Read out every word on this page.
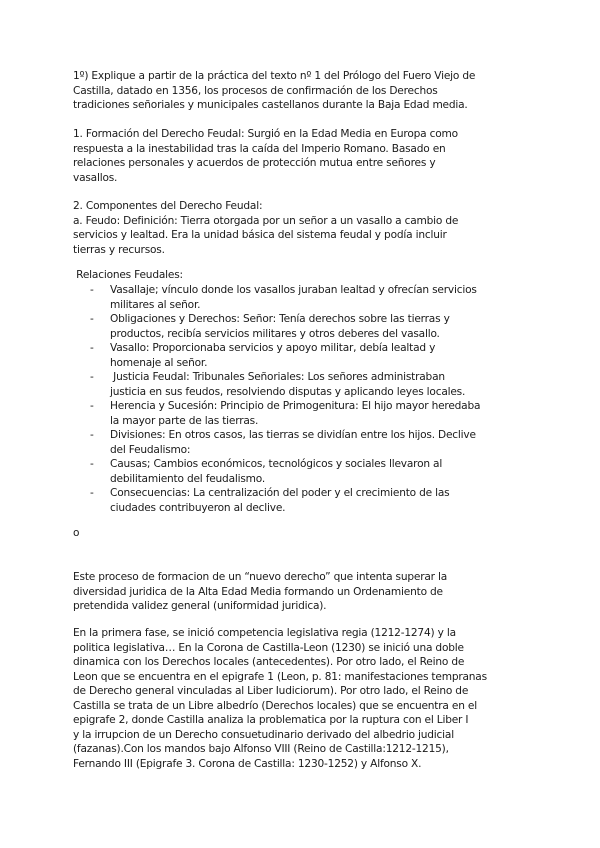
1º) Explique a partir de la práctica del texto nº 1 del Prólogo del Fuero Viejo de
Castilla, datado en 1356, los procesos de confirmación de los Derechos
tradiciones señoriales y municipales castellanos durante la Baja Edad media.

1. Formación del Derecho Feudal: Surgió en la Edad Media en Europa como
respuesta a la inestabilidad tras la caída del Imperio Romano. Basado en
relaciones personales y acuerdos de protección mutua entre señores y
vasallos.

2. Componentes del Derecho Feudal:
a. Feudo: Definición: Tierra otorgada por un señor a un vasallo a cambio de
servicios y lealtad. Era la unidad básica del sistema feudal y podía incluir
tierras y recursos.

Relaciones Feudales:

- Vasallaje; vínculo donde los vasallos juraban lealtad y ofrecían servicios
militares al señor.
- Obligaciones y Derechos: Señor: Tenía derechos sobre las tierras y
productos, recibía servicios militares y otros deberes del vasallo.
- Vasallo: Proporcionaba servicios y apoyo militar, debía lealtad y
homenaje al señor.
- Justicia Feudal: Tribunales Señoriales: Los señores administraban
justicia en sus feudos, resolviendo disputas y aplicando leyes locales.
- Herencia y Sucesión: Principio de Primogenitura: El hijo mayor heredaba
la mayor parte de las tierras.
- Divisiones: En otros casos, las tierras se dividían entre los hijos. Declive
del Feudalismo:
- Causas; Cambios económicos, tecnológicos y sociales llevaron al
debilitamiento del feudalismo.
- Consecuencias: La centralización del poder y el crecimiento de las
ciudades contribuyeron al declive.

o

Este proceso de formacion de un “nuevo derecho” que intenta superar la
diversidad juridica de la Alta Edad Media formando un Ordenamiento de
pretendida validez general (uniformidad juridica).

En la primera fase, se inició competencia legislativa regia (1212-1274) y la
politica legislativa… En la Corona de Castilla-Leon (1230) se inició una doble
dinamica con los Derechos locales (antecedentes). Por otro lado, el Reino de
Leon que se encuentra en el epigrafe 1 (Leon, p. 81: manifestaciones tempranas
de Derecho general vinculadas al Liber Iudiciorum). Por otro lado, el Reino de
Castilla se trata de un Libre albedrío (Derechos locales) que se encuentra en el
epigrafe 2, donde Castilla analiza la problematica por la ruptura con el Liber I
y la irrupcion de un Derecho consuetudinario derivado del albedrio judicial
(fazanas).Con los mandos bajo Alfonso VIII (Reino de Castilla:1212-1215),
Fernando III (Epigrafe 3. Corona de Castilla: 1230-1252) y Alfonso X.
